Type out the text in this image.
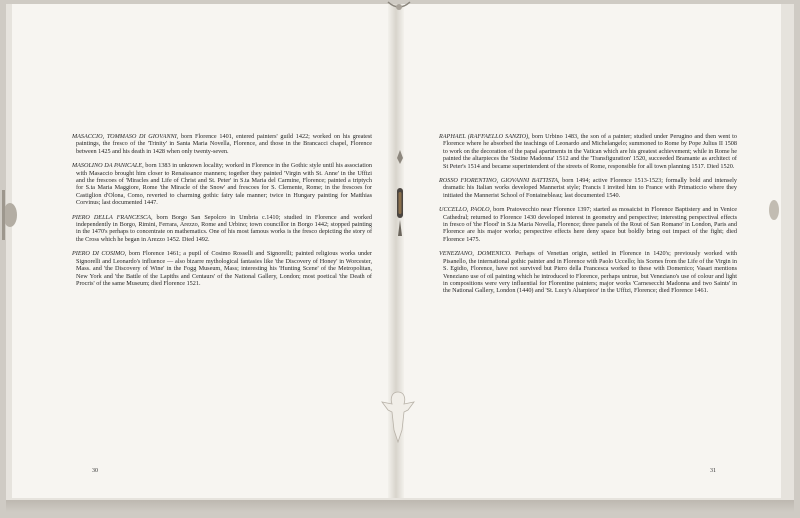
MASACCIO, TOMMASO DI GIOVANNI, born Florence 1401, entered painters' guild 1422; worked on his greatest paintings, the fresco of the 'Trinity' in Santa Maria Novella, Florence, and those in the Brancacci chapel, Florence between 1425 and his death in 1428 when only twenty-seven.

MASOLINO DA PANICALE, born 1383 in unknown locality; worked in Florence in the Gothic style until his association with Masaccio brought him closer to Renaissance manners; together they painted 'Virgin with St. Anne' in the Uffizi and the frescoes of 'Miracles and Life of Christ and St. Peter' in S.ta Maria del Carmine, Florence; painted a triptych for S.ta Maria Maggiore, Rome 'the Miracle of the Snow' and frescoes for S. Clemente, Rome; in the frescoes for Castiglion d'Olona, Como, reverted to charming gothic fairy tale manner; twice in Hungary painting for Matthias Corvinus; last documented 1447.

PIERO DELLA FRANCESCA, born Borgo San Sepolcro in Umbria c.1410; studied in Florence and worked independently in Borgo, Rimini, Ferrara, Arezzo, Rome and Urbino; town councillor in Borgo 1442; stopped painting in the 1470's perhaps to concentrate on mathematics. One of his most famous works is the fresco depicting the story of the Cross which he began in Arezzo 1452. Died 1492.

PIERO DI COSIMO, born Florence 1461; a pupil of Cosimo Rosselli and Signorelli; painted religious works under Signorelli and Leonardo's influence — also bizarre mythological fantasies like 'the Discovery of Honey' in Worcester, Mass. and 'the Discovery of Wine' in the Fogg Museum, Mass; interesting his 'Hunting Scene' of the Metropolitan, New York and 'the Battle of the Lapiths and Centaurs' of the National Gallery, London; most poetical 'the Death of Procris' of the same Museum; died Florence 1521.

RAPHAEL (RAFFAELLO SANZIO), born Urbino 1483, the son of a painter; studied under Perugino and then went to Florence where he absorbed the teachings of Leonardo and Michelangelo; summoned to Rome by Pope Julius II 1508 to work on the decoration of the papal apartments in the Vatican which are his greatest achievement; while in Rome he painted the altarpieces the 'Sistine Madonna' 1512 and the 'Transfiguration' 1520, succeeded Bramante as architect of St Peter's 1514 and became superintendent of the streets of Rome, responsible for all town planning 1517. Died 1520.

ROSSO FIORENTINO, GIOVANNI BATTISTA, born 1494; active Florence 1513-1523; formally bold and intensely dramatic his Italian works developed Mannerist style; Francis I invited him to France with Primaticcio where they initiated the Mannerist School of Fontainebleau; last documented 1540.

UCCELLO, PAOLO, born Pratovecchio near Florence 1397; started as mosaicist in Florence Baptistery and in Venice Cathedral; returned to Florence 1430 developed interest in geometry and perspective; interesting perspectival effects in fresco of 'the Flood' in S.ta Maria Novella, Florence; three panels of the Rout of San Romano' in London, Paris and Florence are his major works; perspective effects here deny space but boldly bring out impact of the fight; died Florence 1475.

VENEZIANO, DOMENICO. Perhaps of Venetian origin, settled in Florence in 1420's; previously worked with Pisanello, the international gothic painter and in Florence with Paolo Uccello; his Scenes from the Life of the Virgin in S. Egidio, Florence, have not survived but Piero della Francesca worked to these with Domenico; Vasari mentions Veneziano use of oil painting which he introduced to Florence, perhaps untrue, but Veneziano's use of colour and light in compositions were very influential for Florentine painters; major works 'Carnesecchi Madonna and two Saints' in the National Gallery, London (1440) and 'St. Lucy's Altarpiece' in the Uffizi, Florence; died Florence 1461.

30	31
